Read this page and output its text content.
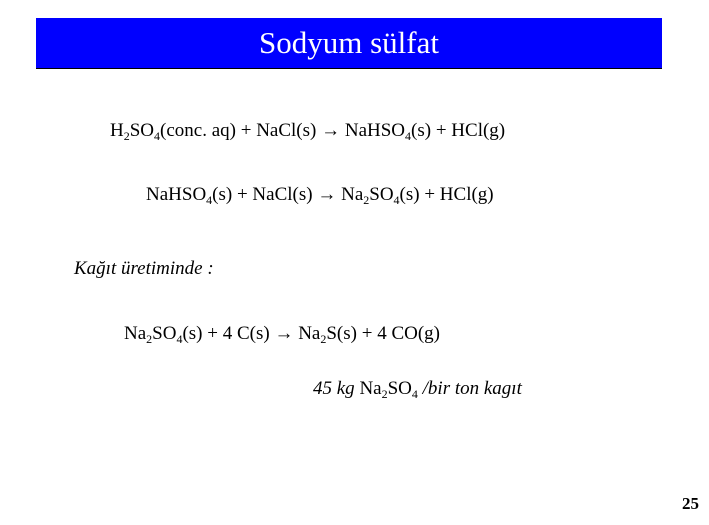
Sodyum sülfat
$H_2SO_4(conc$. aq) + NaCl(s) → NaHSO$_4$(s) + HCl(g)
NaHSO$_4$(s) + NaCl(s) → $Na_2SO_4(s) + HCl(g)$
Kağıt üretiminde :
$Na_2SO_4(s) + 4$ $C(s) \to Na_2S(s) + 4$ CO(g)
45 kg $Na_2SO_4$ /bir ton kagıt
25
